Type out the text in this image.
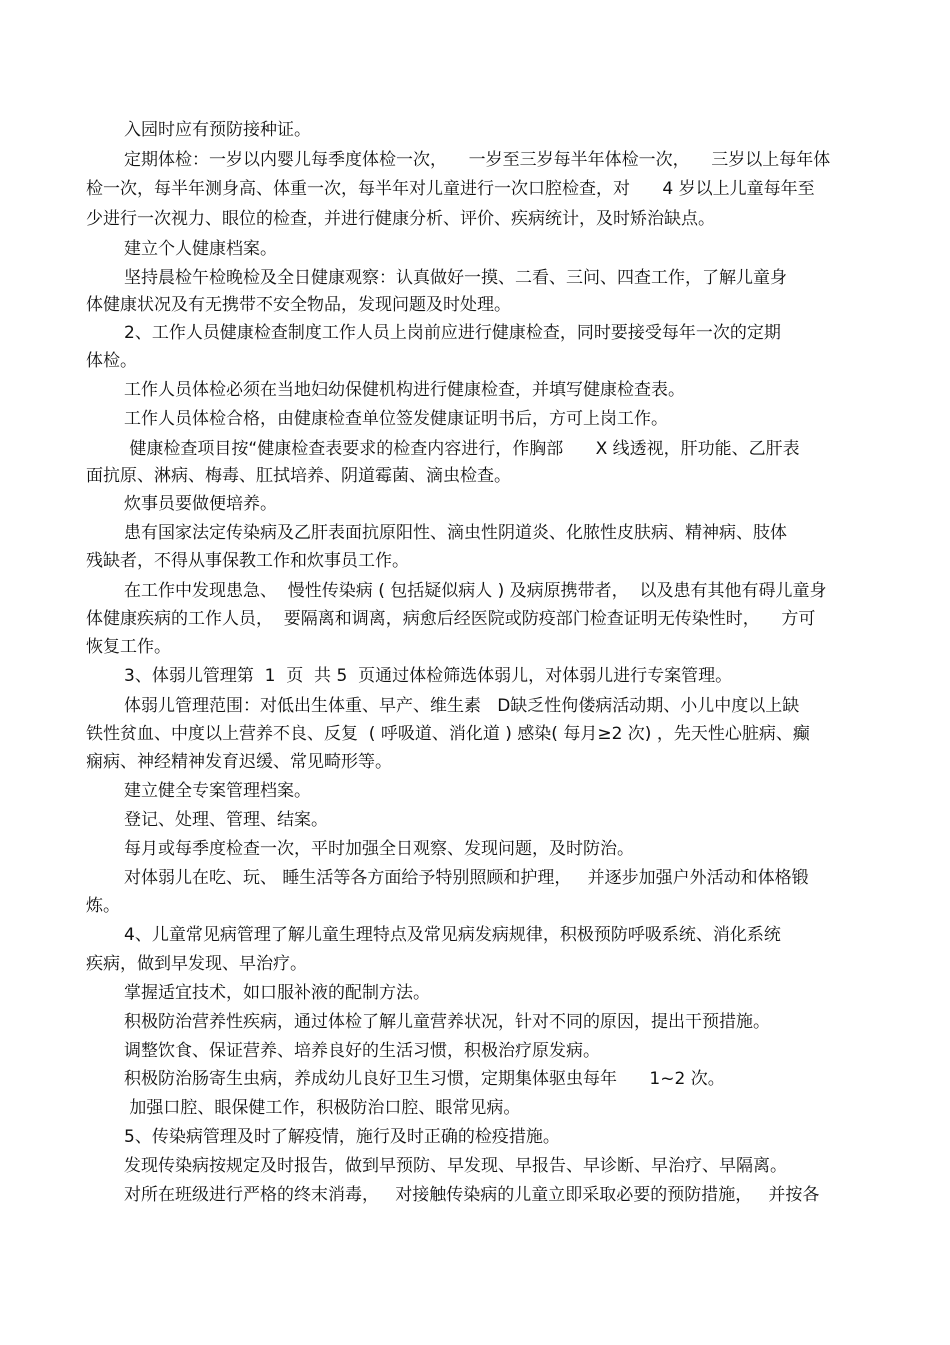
入园时应有预防接种证。
定期体检：一岁以内婴儿每季度体检一次，    一岁至三岁每半年体检一次，    三岁以上每年体
检一次，每半年测身高、体重一次，每半年对儿童进行一次口腔检查，对      4 岁以上儿童每年至
少进行一次视力、眼位的检查，并进行健康分析、评价、疾病统计，及时矫治缺点。
建立个人健康档案。
坚持晨检午检晚检及全日健康观察：认真做好一摸、二看、三问、四查工作，了解儿童身
体健康状况及有无携带不安全物品，发现问题及时处理。
2、工作人员健康检查制度工作人员上岗前应进行健康检查，同时要接受每年一次的定期
体检。
工作人员体检必须在当地妇幼保健机构进行健康检查，并填写健康检查表。
工作人员体检合格，由健康检查单位签发健康证明书后，方可上岗工作。
健康检查项目按“健康检查表要求的检查内容进行，作胸部      X 线透视，肝功能、乙肝表
面抗原、淋病、梅毒、肛拭培养、阴道霉菌、滴虫检查。
炊事员要做便培养。
患有国家法定传染病及乙肝表面抗原阳性、滴虫性阴道炎、化脓性皮肤病、精神病、肢体
残缺者，不得从事保教工作和炊事员工作。
在工作中发现患急、  慢性传染病 ( 包括疑似病人 ) 及病原携带者，  以及患有其他有碍儿童身
体健康疾病的工作人员，  要隔离和调离，病愈后经医院或防疫部门检查证明无传染性时，    方可
恢复工作。
3、体弱儿管理第  1  页  共 5  页通过体检筛选体弱儿，对体弱儿进行专案管理。
体弱儿管理范围：对低出生体重、早产、维生素   D缺乏性佝偻病活动期、小儿中度以上缺
铁性贫血、中度以上营养不良、反复  ( 呼吸道、消化道 ) 感染( 每月≥2 次) ，先天性心脏病、癫
痫病、神经精神发育迟缓、常见畸形等。
建立健全专案管理档案。
登记、处理、管理、结案。
每月或每季度检查一次，平时加强全日观察、发现问题，及时防治。
对体弱儿在吃、玩、 睡生活等各方面给予特别照顾和护理，   并逐步加强户外活动和体格锻
炼。
4、儿童常见病管理了解儿童生理特点及常见病发病规律，积极预防呼吸系统、消化系统
疾病，做到早发现、早治疗。
掌握适宜技术，如口服补液的配制方法。
积极防治营养性疾病，通过体检了解儿童营养状况，针对不同的原因，提出干预措施。
调整饮食、保证营养、培养良好的生活习惯，积极治疗原发病。
积极防治肠寄生虫病，养成幼儿良好卫生习惯，定期集体驱虫每年      1~2 次。
加强口腔、眼保健工作，积极防治口腔、眼常见病。
5、传染病管理及时了解疫情，施行及时正确的检疫措施。
发现传染病按规定及时报告，做到早预防、早发现、早报告、早诊断、早治疗、早隔离。
对所在班级进行严格的终末消毒，   对接触传染病的儿童立即采取必要的预防措施，   并按各
